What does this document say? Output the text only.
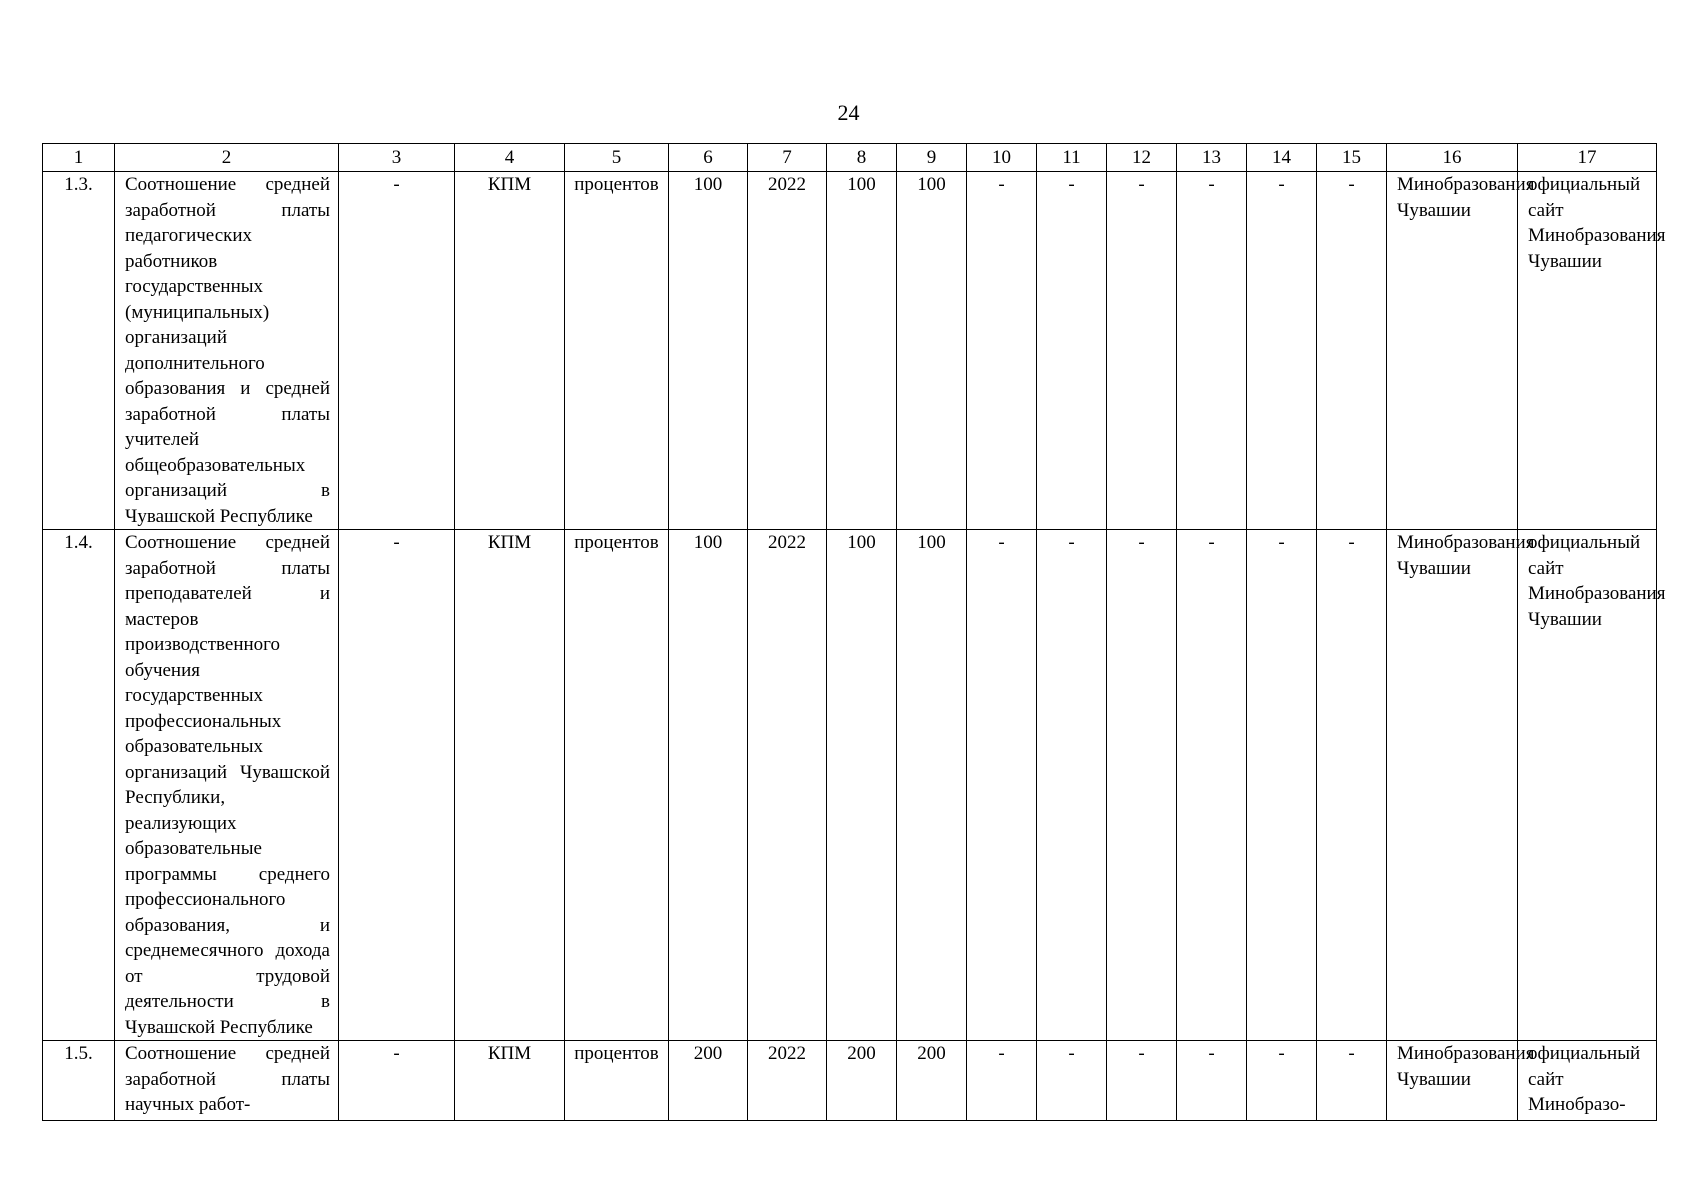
24
1	2	3	4	5	6	7	8	9	10	11	12	13	14	15	16	17
1.3.	Соотношение средней заработной платы педагогических работников государственных (муниципальных) организаций дополнительного образования и средней заработной платы учителей общеобразовательных организаций в Чувашской Республике	-	КПМ	процентов	100	2022	100	100	-	-	-	-	-	-	Минобразования Чувашии	официальный сайт Минобразования Чувашии
1.4.	Соотношение средней заработной платы преподавателей и мастеров производственного обучения государственных профессиональных образовательных организаций Чувашской Республики, реализующих образовательные программы среднего профессионального образования, и среднемесячного дохода от трудовой деятельности в Чувашской Республике	-	КПМ	процентов	100	2022	100	100	-	-	-	-	-	-	Минобразования Чувашии	официальный сайт Минобразования Чувашии
1.5.	Соотношение средней заработной платы научных работ-	-	КПМ	процентов	200	2022	200	200	-	-	-	-	-	-	Минобразования Чувашии	официальный сайт Минобразо-
